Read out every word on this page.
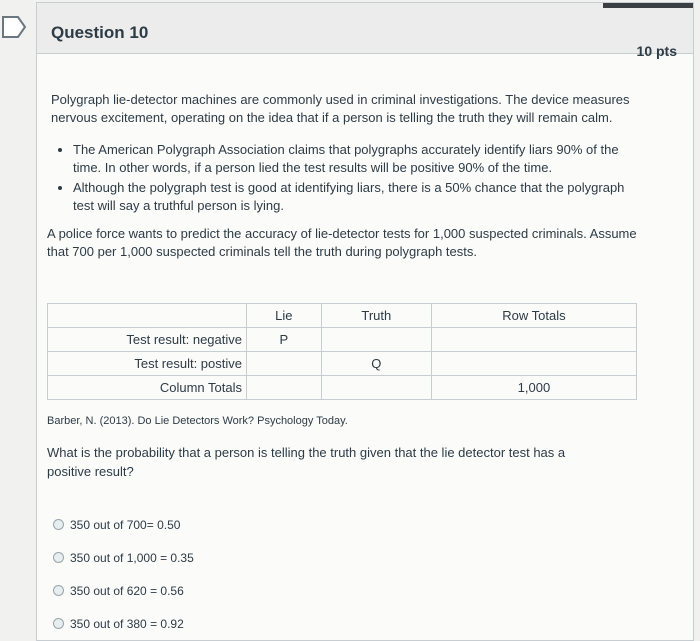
Question 10
10 pts

Polygraph lie-detector machines are commonly used in criminal investigations. The device measures nervous excitement, operating on the idea that if a person is telling the truth they will remain calm.

• The American Polygraph Association claims that polygraphs accurately identify liars 90% of the time. In other words, if a person lied the test results will be positive 90% of the time.
• Although the polygraph test is good at identifying liars, there is a 50% chance that the polygraph test will say a truthful person is lying.

A police force wants to predict the accuracy of lie-detector tests for 1,000 suspected criminals. Assume that 700 per 1,000 suspected criminals tell the truth during polygraph tests.

	Lie	Truth	Row Totals
Test result: negative	P		
Test result: postive		Q	
Column Totals			1,000
Barber, N. (2013). Do Lie Detectors Work? Psychology Today.
What is the probability that a person is telling the truth given that the lie detector test has a positive result?
350 out of 700= 0.50
350 out of 1,000 = 0.35
350 out of 620 = 0.56
350 out of 380 = 0.92
